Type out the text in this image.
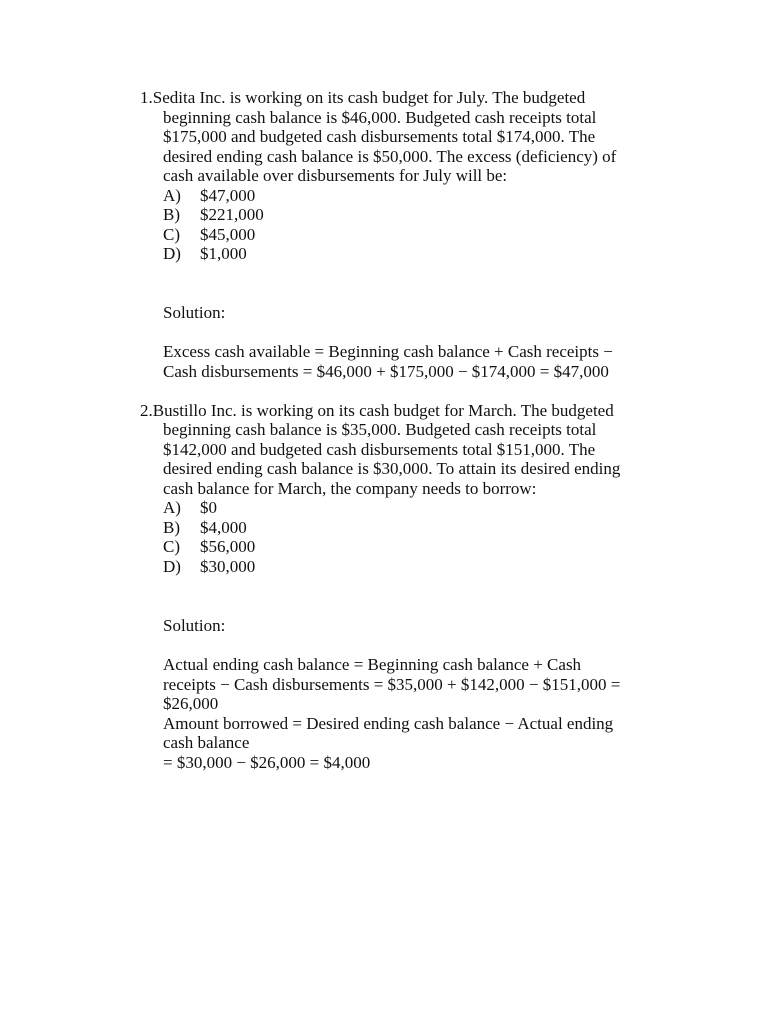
1.Sedita Inc. is working on its cash budget for July. The budgeted
beginning cash balance is $46,000. Budgeted cash receipts total
$175,000 and budgeted cash disbursements total $174,000. The
desired ending cash balance is $50,000. The excess (deficiency) of
cash available over disbursements for July will be:
A) $47,000
B) $221,000
C) $45,000
D) $1,000
Solution:
Excess cash available = Beginning cash balance + Cash receipts −
Cash disbursements = $46,000 + $175,000 − $174,000 = $47,000
2.Bustillo Inc. is working on its cash budget for March. The budgeted
beginning cash balance is $35,000. Budgeted cash receipts total
$142,000 and budgeted cash disbursements total $151,000. The
desired ending cash balance is $30,000. To attain its desired ending
cash balance for March, the company needs to borrow:
A) $0
B) $4,000
C) $56,000
D) $30,000
Solution:
Actual ending cash balance = Beginning cash balance + Cash
receipts − Cash disbursements = $35,000 + $142,000 − $151,000 =
$26,000
Amount borrowed = Desired ending cash balance − Actual ending
cash balance
= $30,000 − $26,000 = $4,000
